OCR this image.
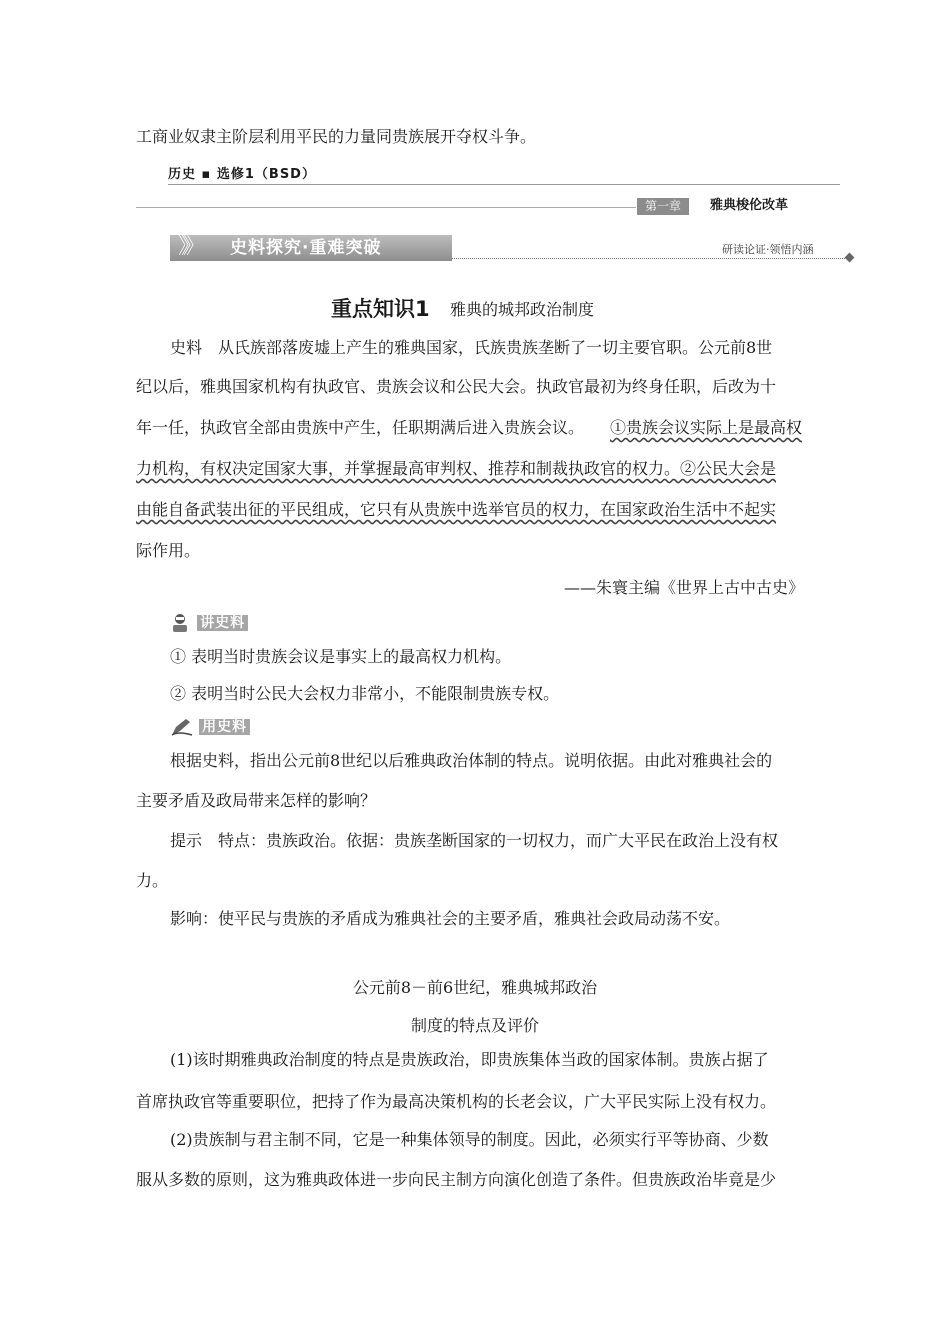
工商业奴隶主阶层利用平民的力量同贵族展开夺权斗争。
历史 ▪ 选修1（BSD）
第一章	雅典梭伦改革
》》 史料探究·重难突破	研读论证·领悟内涵
重点知识1 雅典的城邦政治制度
史料　从氏族部落废墟上产生的雅典国家，氏族贵族垄断了一切主要官职。公元前8世
纪以后，雅典国家机构有执政官、贵族会议和公民大会。执政官最初为终身任职，后改为十
年一任，执政官全部由贵族中产生，任职期满后进入贵族会议。 ①贵族会议实际上是最高权
力机构，有权决定国家大事，并掌握最高审判权、推荐和制裁执政官的权力。②公民大会是
由能自备武装出征的平民组成，它只有从贵族中选举官员的权力，在国家政治生活中不起实
际作用。
——朱寰主编《世界上古中古史》
讲史料
① 表明当时贵族会议是事实上的最高权力机构。
② 表明当时公民大会权力非常小，不能限制贵族专权。
用史料
根据史料，指出公元前8世纪以后雅典政治体制的特点。说明依据。由此对雅典社会的
主要矛盾及政局带来怎样的影响？
提示　特点：贵族政治。依据：贵族垄断国家的一切权力，而广大平民在政治上没有权
力。
影响：使平民与贵族的矛盾成为雅典社会的主要矛盾，雅典社会政局动荡不安。
公元前8－前6世纪，雅典城邦政治
制度的特点及评价
(1)该时期雅典政治制度的特点是贵族政治，即贵族集体当政的国家体制。贵族占据了
首席执政官等重要职位，把持了作为最高决策机构的长老会议，广大平民实际上没有权力。
(2)贵族制与君主制不同，它是一种集体领导的制度。因此，必须实行平等协商、少数
服从多数的原则，这为雅典政体进一步向民主制方向演化创造了条件。但贵族政治毕竟是少
